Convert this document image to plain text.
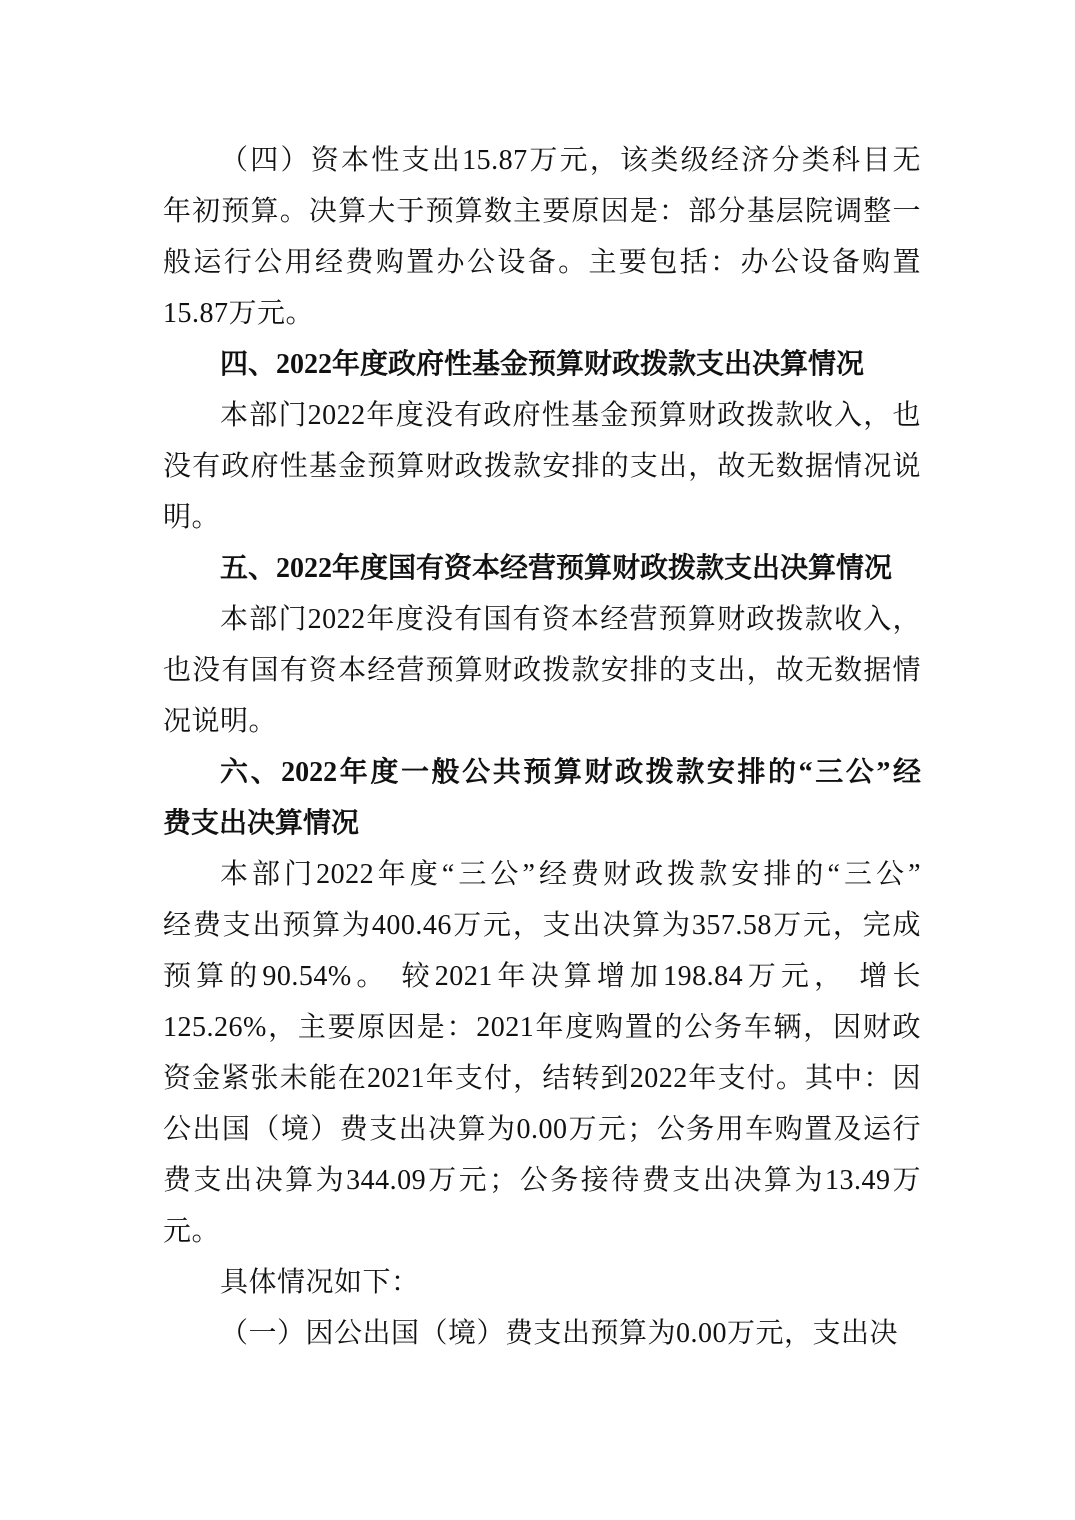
（四）资本性支出15.87万元，该类级经济分类科目无
年初预算。决算大于预算数主要原因是：部分基层院调整一
般运行公用经费购置办公设备。主要包括：办公设备购置
15.87万元。
四、2022年度政府性基金预算财政拨款支出决算情况
本部门2022年度没有政府性基金预算财政拨款收入，也
没有政府性基金预算财政拨款安排的支出，故无数据情况说
明。
五、2022年度国有资本经营预算财政拨款支出决算情况
本部门2022年度没有国有资本经营预算财政拨款收入，
也没有国有资本经营预算财政拨款安排的支出，故无数据情
况说明。
六、2022年度一般公共预算财政拨款安排的“三公”经
费支出决算情况
本部门2022年度“三公”经费财政拨款安排的“三公”
经费支出预算为400.46万元，支出决算为357.58万元，完成
预算的90.54%。 较2021年决算增加198.84万元， 增长
125.26%，主要原因是：2021年度购置的公务车辆，因财政
资金紧张未能在2021年支付，结转到2022年支付。其中：因
公出国（境）费支出决算为0.00万元；公务用车购置及运行
费支出决算为344.09万元；公务接待费支出决算为13.49万
元。
具体情况如下：
（一）因公出国（境）费支出预算为0.00万元，支出决
